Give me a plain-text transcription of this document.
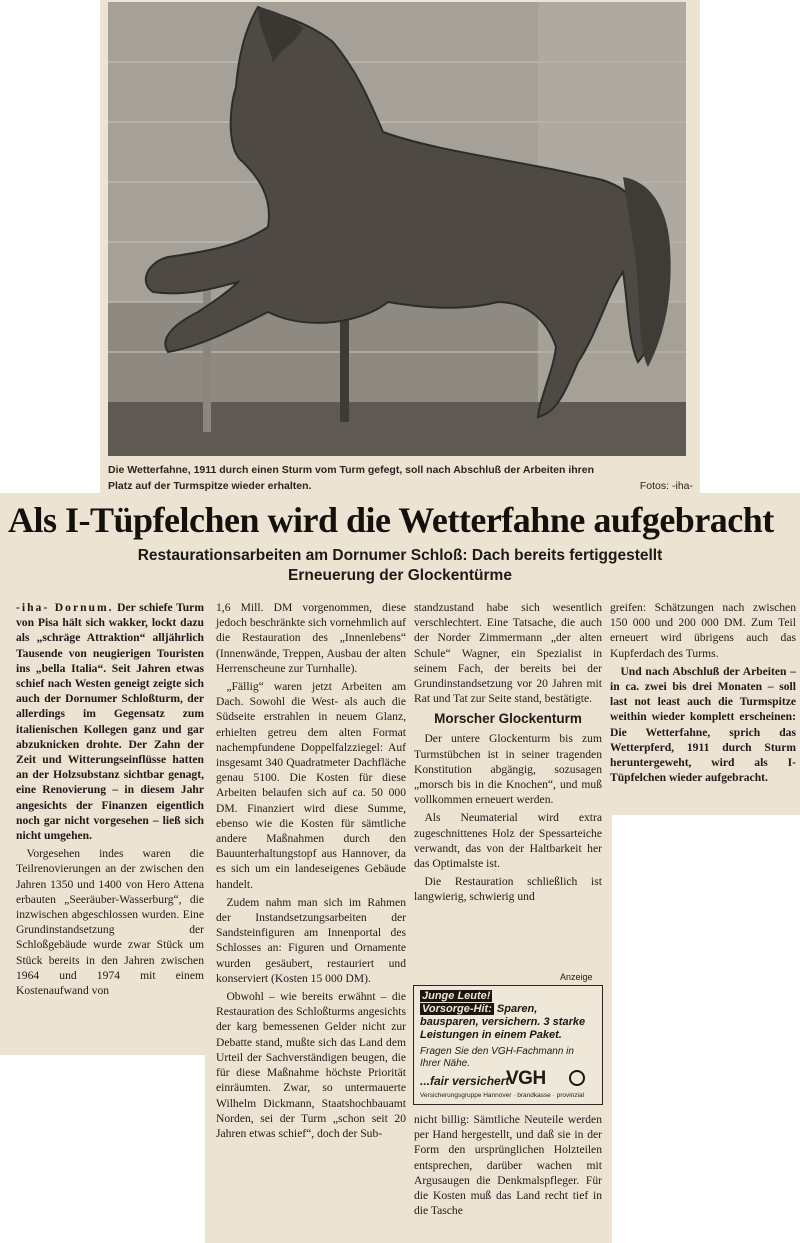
Die Wetterfahne, 1911 durch einen Sturm vom Turm gefegt, soll nach Abschluß der Arbeiten ihren
Platz auf der Turmspitze wieder erhalten.	Fotos: -iha-
Als I-Tüpfelchen wird die Wetterfahne aufgebracht
Restaurationsarbeiten am Dornumer Schloß: Dach bereits fertiggestellt
Erneuerung der Glockentürme

-iha- Dornum. Der schiefe Turm von Pisa hält sich wakker, lockt dazu als „schräge Attraktion“ alljährlich Tausende von neugierigen Touristen ins „bella Italia“. Seit Jahren etwas schief nach Westen geneigt zeigte sich auch der Dornumer Schloßturm, der allerdings im Gegensatz zum italienischen Kollegen ganz und gar abzuknicken drohte. Der Zahn der Zeit und Witterungseinflüsse hatten an der Holzsubstanz sichtbar genagt, eine Renovierung – in diesem Jahr angesichts der Finanzen eigentlich noch gar nicht vorgesehen – ließ sich nicht umgehen.

Vorgesehen indes waren die Teilrenovierungen an der zwischen den Jahren 1350 und 1400 von Hero Attena erbauten „Seeräuber-Wasserburg“, die inzwischen abgeschlossen wurden. Eine Grundinstandsetzung der Schloßgebäude wurde zwar Stück um Stück bereits in den Jahren zwischen 1964 und 1974 mit einem Kostenaufwand von

1,6 Mill. DM vorgenommen, diese jedoch beschränkte sich vornehmlich auf die Restauration des „Innenlebens“ (Innenwände, Treppen, Ausbau der alten Herrenscheune zur Turnhalle).

„Fällig“ waren jetzt Arbeiten am Dach. Sowohl die West- als auch die Südseite erstrahlen in neuem Glanz, erhielten getreu dem alten Format nachempfundene Doppelfalzziegel: Auf insgesamt 340 Quadratmeter Dachfläche genau 5100. Die Kosten für diese Arbeiten belaufen sich auf ca. 50 000 DM. Finanziert wird diese Summe, ebenso wie die Kosten für sämtliche andere Maßnahmen durch den Bauunterhaltungstopf aus Hannover, da es sich um ein landeseigenes Gebäude handelt.

Zudem nahm man sich im Rahmen der Instandsetzungsarbeiten der Sandsteinfiguren am Innenportal des Schlosses an: Figuren und Ornamente wurden gesäubert, restauriert und konserviert (Kosten 15 000 DM).

Obwohl – wie bereits erwähnt – die Restauration des Schloßturms angesichts der karg bemessenen Gelder nicht zur Debatte stand, mußte sich das Land dem Urteil der Sachverständigen beugen, die für diese Maßnahme höchste Priorität einräumten. Zwar, so untermauerte Wilhelm Dickmann, Staatshochbauamt Norden, sei der Turm „schon seit 20 Jahren etwas schief“, doch der Sub-

standzustand habe sich wesentlich verschlechtert. Eine Tatsache, die auch der Norder Zimmermann „der alten Schule“ Wagner, ein Spezialist in seinem Fach, der bereits bei der Grundinstandsetzung vor 20 Jahren mit Rat und Tat zur Seite stand, bestätigte.

Morscher Glockenturm

Der untere Glockenturm bis zum Turmstübchen ist in seiner tragenden Konstitution abgängig, sozusagen „morsch bis in die Knochen“, und muß vollkommen erneuert werden.

Als Neumaterial wird extra zugeschnittenes Holz der Spessarteiche verwandt, das von der Haltbarkeit her das Optimalste ist.

Die Restauration schließlich ist langwierig, schwierig und

Anzeige
Junge Leute!
Vorsorge-Hit: Sparen, bausparen, versichern. 3 starke Leistungen in einem Paket.
Fragen Sie den VGH-Fachmann in Ihrer Nähe.
...fair versichert
VGH
Versicherungsgruppe Hannover · brandkasse · provinzial

nicht billig: Sämtliche Neuteile werden per Hand hergestellt, und daß sie in der Form den ursprünglichen Holzteilen entsprechen, darüber wachen mit Argusaugen die Denkmalspfleger. Für die Kosten muß das Land recht tief in die Tasche

greifen: Schätzungen nach zwischen 150 000 und 200 000 DM. Zum Teil erneuert wird übrigens auch das Kupferdach des Turms.

Und nach Abschluß der Arbeiten – in ca. zwei bis drei Monaten – soll last not least auch die Turmspitze weithin wieder komplett erscheinen: Die Wetterfahne, sprich das Wetterpferd, 1911 durch Sturm heruntergeweht, wird als I-Tüpfelchen wieder aufgebracht.
